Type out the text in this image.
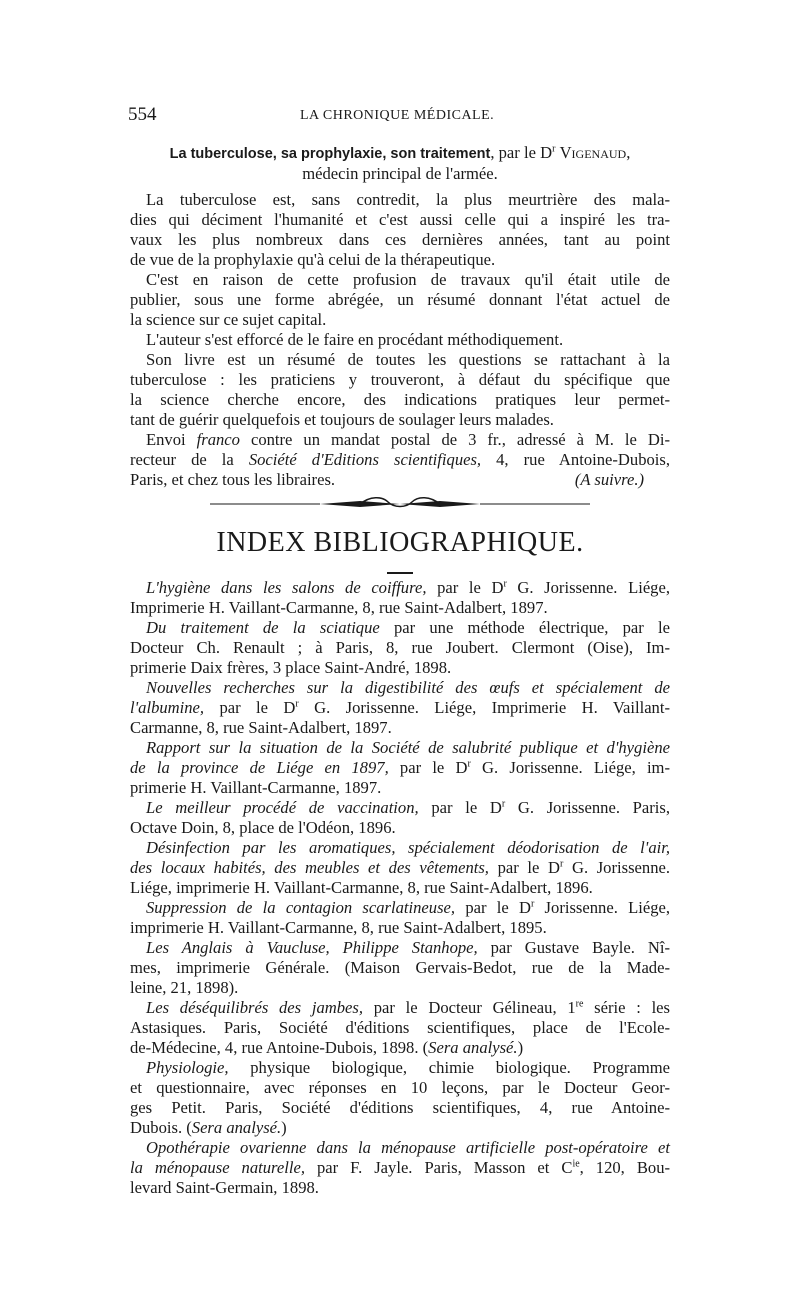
554	LA CHRONIQUE MÉDICALE.
La tuberculose, sa prophylaxie, son traitement, par le $D^r$ Vigenaud,
médecin principal de l'armée.
La tuberculose est, sans contredit, la plus meurtrière des mala-
dies qui déciment l'humanité et c'est aussi celle qui a inspiré les tra-
vaux les plus nombreux dans ces dernières années, tant au point
de vue de la prophylaxie qu'à celui de la thérapeutique.
C'est en raison de cette profusion de travaux qu'il était utile de
publier, sous une forme abrégée, un résumé donnant l'état actuel de
la science sur ce sujet capital.
L'auteur s'est efforcé de le faire en procédant méthodiquement.
Son livre est un résumé de toutes les questions se rattachant à la
tuberculose : les praticiens y trouveront, à défaut du spécifique que
la science cherche encore, des indications pratiques leur permet-
tant de guérir quelquefois et toujours de soulager leurs malades.
Envoi franco contre un mandat postal de 3 fr., adressé à M. le Di-
recteur de la Société d'Editions scientifiques, 4, rue Antoine-Dubois,
Paris, et chez tous les libraires.	(A suivre.)
INDEX BIBLIOGRAPHIQUE.
L'hygiène dans les salons de coiffure, par le $D^r$ G. Jorissenne. Liége,
Imprimerie H. Vaillant-Carmanne, 8, rue Saint-Adalbert, 1897.
Du traitement de la sciatique par une méthode électrique, par le
Docteur Ch. Renault ; à Paris, 8, rue Joubert. Clermont (Oise), Im-
primerie Daix frères, 3 place Saint-André, 1898.
Nouvelles recherches sur la digestibilité des œufs et spécialement de
l'albumine, par le $D^r$ G. Jorissenne. Liége, Imprimerie H. Vaillant-
Carmanne, 8, rue Saint-Adalbert, 1897.
Rapport sur la situation de la Société de salubrité publique et d'hygiène
de la province de Liége en 1897, par le $D^r$ G. Jorissenne. Liége, im-
primerie H. Vaillant-Carmanne, 1897.
Le meilleur procédé de vaccination, par le $D^r$ G. Jorissenne. Paris,
Octave Doin, 8, place de l'Odéon, 1896.
Désinfection par les aromatiques, spécialement déodorisation de l'air,
des locaux habités, des meubles et des vêtements, par le $D^r$ G. Jorissenne.
Liége, imprimerie H. Vaillant-Carmanne, 8, rue Saint-Adalbert, 1896.
Suppression de la contagion scarlatineuse, par le $D^r$ Jorissenne. Liége,
imprimerie H. Vaillant-Carmanne, 8, rue Saint-Adalbert, 1895.
Les Anglais à Vaucluse, Philippe Stanhope, par Gustave Bayle. Nî-
mes, imprimerie Générale. (Maison Gervais-Bedot, rue de la Made-
leine, 21, 1898).
Les déséquilibrés des jambes, par le Docteur Gélineau, 1re série : les
Astasiques. Paris, Société d'éditions scientifiques, place de l'Ecole-
de-Médecine, 4, rue Antoine-Dubois, 1898. (Sera analysé.)
Physiologie, physique biologique, chimie biologique. Programme
et questionnaire, avec réponses en 10 leçons, par le Docteur Geor-
ges Petit. Paris, Société d'éditions scientifiques, 4, rue Antoine-
Dubois. (Sera analysé.)
Opothérapie ovarienne dans la ménopause artificielle post-opératoire et
la ménopause naturelle, par F. Jayle. Paris, Masson et $C^{ie}$, 120, Bou-
levard Saint-Germain, 1898.
